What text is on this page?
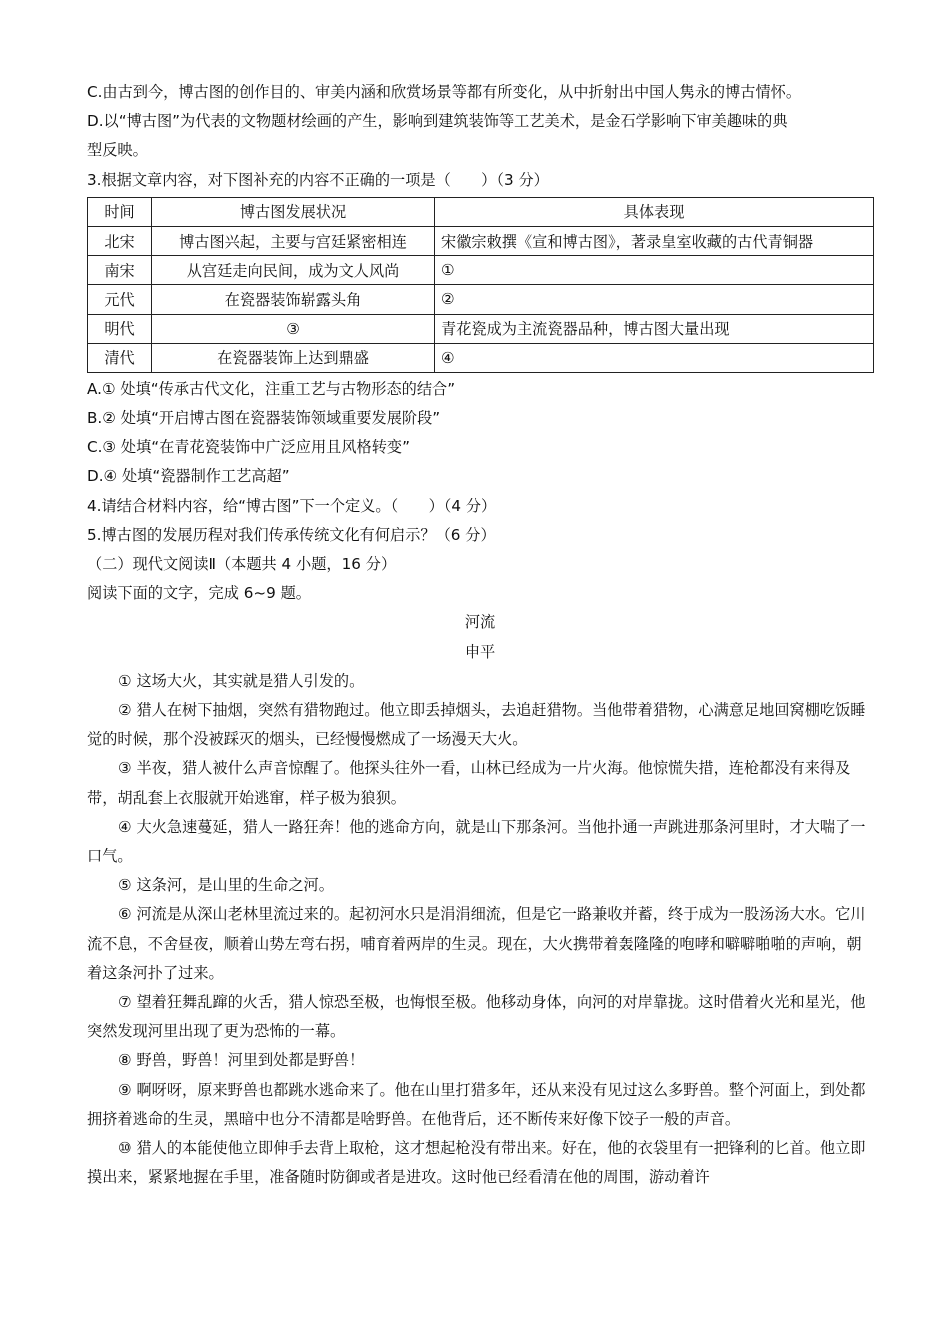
C.由古到今，博古图的创作目的、审美内涵和欣赏场景等都有所变化，从中折射出中国人隽永的博古情怀。
D.以“博古图”为代表的文物题材绘画的产生，影响到建筑装饰等工艺美术，是金石学影响下审美趣味的典
型反映。
3.根据文章内容，对下图补充的内容不正确的一项是（　　）（3 分）
时间	博古图发展状况	具体表现
北宋	博古图兴起，主要与宫廷紧密相连	宋徽宗敕撰《宣和博古图》，著录皇室收藏的古代青铜器
南宋	从宫廷走向民间，成为文人风尚	①
元代	在瓷器装饰崭露头角	②
明代	③	青花瓷成为主流瓷器品种，博古图大量出现
清代	在瓷器装饰上达到鼎盛	④
A.① 处填“传承古代文化，注重工艺与古物形态的结合”
B.② 处填“开启博古图在瓷器装饰领域重要发展阶段”
C.③ 处填“在青花瓷装饰中广泛应用且风格转变”
D.④ 处填“瓷器制作工艺高超”
4.请结合材料内容，给“博古图”下一个定义。（　　）（4 分）
5.博古图的发展历程对我们传承传统文化有何启示？（6 分）
（二）现代文阅读Ⅱ（本题共 4 小题，16 分）
阅读下面的文字，完成 6~9 题。
河流
申平

① 这场大火，其实就是猎人引发的。

② 猎人在树下抽烟，突然有猎物跑过。他立即丢掉烟头，去追赶猎物。当他带着猎物，心满意足地回窝棚吃饭睡觉的时候，那个没被踩灭的烟头，已经慢慢燃成了一场漫天大火。

③ 半夜，猎人被什么声音惊醒了。他探头往外一看，山林已经成为一片火海。他惊慌失措，连枪都没有来得及带，胡乱套上衣服就开始逃窜，样子极为狼狈。

④ 大火急速蔓延，猎人一路狂奔！他的逃命方向，就是山下那条河。当他扑通一声跳进那条河里时，才大喘了一口气。

⑤ 这条河，是山里的生命之河。

⑥ 河流是从深山老林里流过来的。起初河水只是涓涓细流，但是它一路兼收并蓄，终于成为一股汤汤大水。它川流不息，不舍昼夜，顺着山势左弯右拐，哺育着两岸的生灵。现在，大火携带着轰隆隆的咆哮和噼噼啪啪的声响，朝着这条河扑了过来。

⑦ 望着狂舞乱蹿的火舌，猎人惊恐至极，也悔恨至极。他移动身体，向河的对岸靠拢。这时借着火光和星光，他突然发现河里出现了更为恐怖的一幕。

⑧ 野兽，野兽！河里到处都是野兽！

⑨ 啊呀呀，原来野兽也都跳水逃命来了。他在山里打猎多年，还从来没有见过这么多野兽。整个河面上，到处都拥挤着逃命的生灵，黑暗中也分不清都是啥野兽。在他背后，还不断传来好像下饺子一般的声音。

⑩ 猎人的本能使他立即伸手去背上取枪，这才想起枪没有带出来。好在，他的衣袋里有一把锋利的匕首。他立即摸出来，紧紧地握在手里，准备随时防御或者是进攻。这时他已经看清在他的周围，游动着许
